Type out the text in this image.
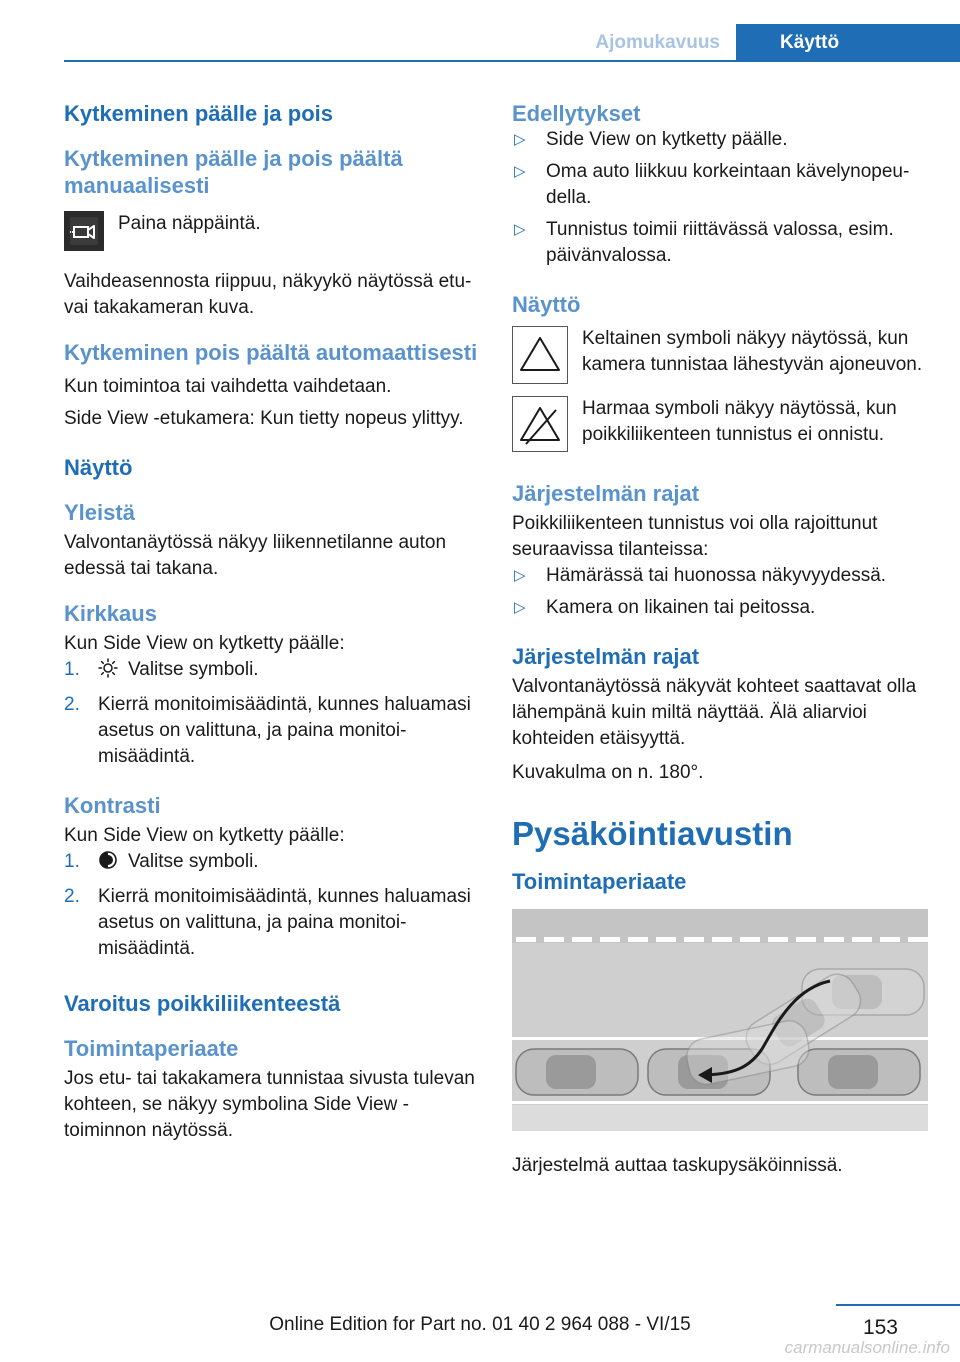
Ajomukavuus	Käyttö
Kytkeminen päälle ja pois
Kytkeminen päälle ja pois päältä manuaalisesti

Paina näppäintä.

Vaihdeasennosta riippuu, näkyykö näytössä etu- vai takakameran kuva.

Kytkeminen pois päältä automaattisesti

Kun toimintoa tai vaihdetta vaihdetaan.

Side View -etukamera: Kun tietty nopeus ylittyy.

Näyttö
Yleistä

Valvontanäytössä näkyy liikennetilanne auton edessä tai takana.

Kirkkaus

Kun Side View on kytketty päälle:

1.	Valitse symboli.
2. Kierrä monitoimisäädintä, kunnes haluamasi asetus on valittuna, ja paina monitoimisäädintä.
Kontrasti

Kun Side View on kytketty päälle:

1.	Valitse symboli.
2. Kierrä monitoimisäädintä, kunnes haluamasi asetus on valittuna, ja paina monitoimisäädintä.
Varoitus poikkiliikenteestä
Toimintaperiaate

Jos etu- tai takakamera tunnistaa sivusta tulevan kohteen, se näkyy symbolina Side View -toiminnon näytössä.

Edellytykset
▷ Side View on kytketty päälle.
▷ Oma auto liikkuu korkeintaan kävelynopeudella.
▷ Tunnistus toimii riittävässä valossa, esim. päivänvalossa.
Näyttö

Keltainen symboli näkyy näytössä, kun kamera tunnistaa lähestyvän ajoneuvon.

Harmaa symboli näkyy näytössä, kun poikkiliikenteen tunnistus ei onnistu.

Järjestelmän rajat

Poikkiliikenteen tunnistus voi olla rajoittunut seuraavissa tilanteissa:

▷ Hämärässä tai huonossa näkyvyydessä.
▷ Kamera on likainen tai peitossa.
Järjestelmän rajat

Valvontanäytössä näkyvät kohteet saattavat olla lähempänä kuin miltä näyttää. Älä aliarvioi kohteiden etäisyyttä.

Kuvakulma on n. 180°.

Pysäköintiavustin
Toimintaperiaate

Järjestelmä auttaa taskupysäköinnissä.

153
Online Edition for Part no. 01 40 2 964 088 - VI/15
carmanualsonline.info
